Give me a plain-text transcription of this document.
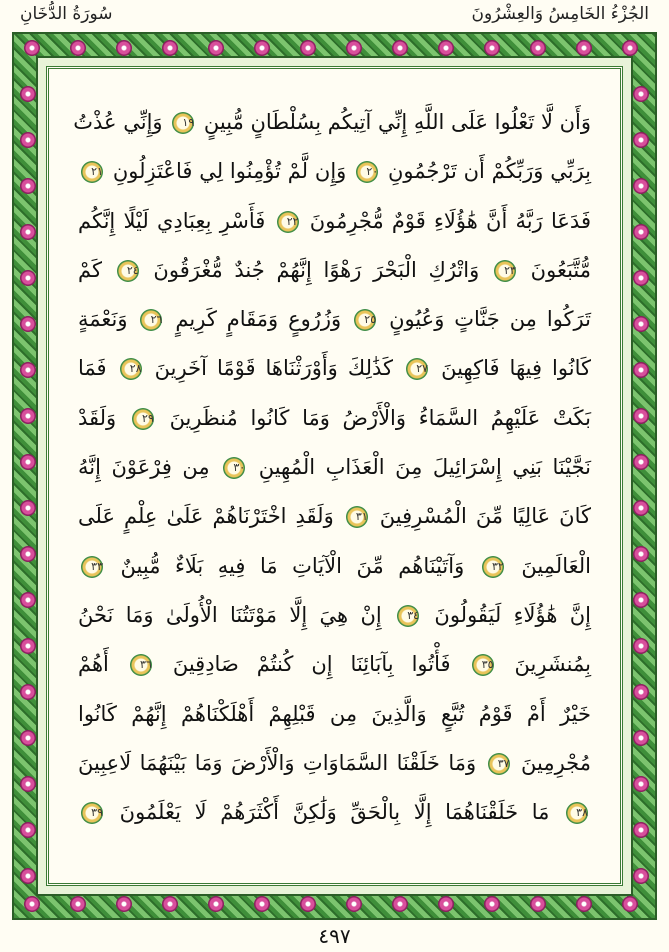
الجُزْءُ الخَامِسُ وَالعِشْرُونَ
سُورَةُ الدُّخَانِ
وَأَن لَّا تَعْلُوا عَلَى اللَّهِ إِنِّي آتِيكُم بِسُلْطَانٍ مُّبِينٍ ١٩ وَإِنِّي عُذْتُ
بِرَبِّي وَرَبِّكُمْ أَن تَرْجُمُونِ ٢٠ وَإِن لَّمْ تُؤْمِنُوا لِي فَاعْتَزِلُونِ ٢١
فَدَعَا رَبَّهُ أَنَّ هَٰؤُلَاءِ قَوْمٌ مُّجْرِمُونَ ٢٢ فَأَسْرِ بِعِبَادِي لَيْلًا إِنَّكُم
مُّتَّبَعُونَ ٢٣ وَاتْرُكِ الْبَحْرَ رَهْوًا إِنَّهُمْ جُندٌ مُّغْرَقُونَ ٢٤ كَمْ
تَرَكُوا مِن جَنَّاتٍ وَعُيُونٍ ٢٥ وَزُرُوعٍ وَمَقَامٍ كَرِيمٍ ٢٦ وَنَعْمَةٍ
كَانُوا فِيهَا فَاكِهِينَ ٢٧ كَذَٰلِكَ وَأَوْرَثْنَاهَا قَوْمًا آخَرِينَ ٢٨ فَمَا
بَكَتْ عَلَيْهِمُ السَّمَاءُ وَالْأَرْضُ وَمَا كَانُوا مُنظَرِينَ ٢٩ وَلَقَدْ
نَجَّيْنَا بَنِي إِسْرَائِيلَ مِنَ الْعَذَابِ الْمُهِينِ ٣٠ مِن فِرْعَوْنَ إِنَّهُ
كَانَ عَالِيًا مِّنَ الْمُسْرِفِينَ ٣١ وَلَقَدِ اخْتَرْنَاهُمْ عَلَىٰ عِلْمٍ عَلَى
الْعَالَمِينَ ٣٢ وَآتَيْنَاهُم مِّنَ الْآيَاتِ مَا فِيهِ بَلَاءٌ مُّبِينٌ ٣٣
إِنَّ هَٰؤُلَاءِ لَيَقُولُونَ ٣٤ إِنْ هِيَ إِلَّا مَوْتَتُنَا الْأُولَىٰ وَمَا نَحْنُ
بِمُنشَرِينَ ٣٥ فَأْتُوا بِآبَائِنَا إِن كُنتُمْ صَادِقِينَ ٣٦ أَهُمْ
خَيْرٌ أَمْ قَوْمُ تُبَّعٍ وَالَّذِينَ مِن قَبْلِهِمْ أَهْلَكْنَاهُمْ إِنَّهُمْ كَانُوا
مُجْرِمِينَ ٣٧ وَمَا خَلَقْنَا السَّمَاوَاتِ وَالْأَرْضَ وَمَا بَيْنَهُمَا لَاعِبِينَ
٣٨ مَا خَلَقْنَاهُمَا إِلَّا بِالْحَقِّ وَلَٰكِنَّ أَكْثَرَهُمْ لَا يَعْلَمُونَ ٣٩
٤٩٧
